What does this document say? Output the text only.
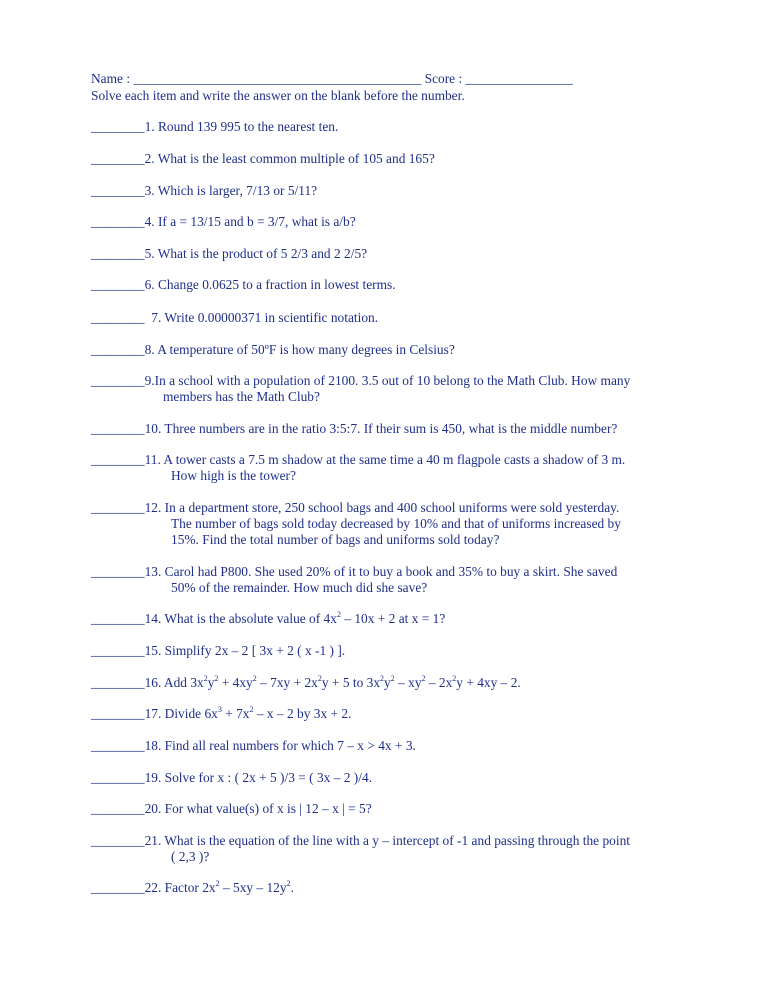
Name : ___________________________________________ Score : ________________
Solve each item and write the answer on the blank before the number.
________1. Round 139 995 to the nearest ten.
________2. What is the least common multiple of 105 and 165?
________3. Which is larger, 7/13 or 5/11?
________4. If a = 13/15 and b = 3/7, what is a/b?
________5. What is the product of 5 2/3 and 2 2/5?
________6. Change 0.0625 to a fraction in lowest terms.
________  7. Write 0.00000371 in scientific notation.
________8. A temperature of 50ºF is how many degrees in Celsius?
________9.In a school with a population of 2100. 3.5 out of 10 belong to the Math Club. How many
members has the Math Club?
________10. Three numbers are in the ratio 3:5:7. If their sum is 450, what is the middle number?
________11. A tower casts a 7.5 m shadow at the same time a 40 m flagpole casts a shadow of 3 m.
How high is the tower?
________12. In a department store, 250 school bags and 400 school uniforms were sold yesterday.
The number of bags sold today decreased by 10% and that of uniforms increased by
15%. Find the total number of bags and uniforms sold today?
________13. Carol had P800. She used 20% of it to buy a book and 35% to buy a skirt. She saved
50% of the remainder. How much did she save?
________14. What is the absolute value of $4x^2 - 10x + 2$ at x = 1?
________15. Simplify 2x – 2 [ 3x + 2 ( x -1 ) ].
________16. Add $3x^2y^2 + 4xy^2 - 7xy + 2x^2y + 5$ to $3x^2y^2 - xy^2 - 2x^2y + 4xy - 2$.
________17. Divide $6x^3 + 7x^2 - x - 2$ by 3x + 2.
________18. Find all real numbers for which 7 – x > 4x + 3.
________19. Solve for x : ( 2x + 5 )/3 = ( 3x – 2 )/4.
________20. For what value(s) of x is | 12 – x | = 5?
________21. What is the equation of the line with a y – intercept of -1 and passing through the point
( 2,3 )?
________22. Factor $2x^2 - 5xy - 12y^2$.
